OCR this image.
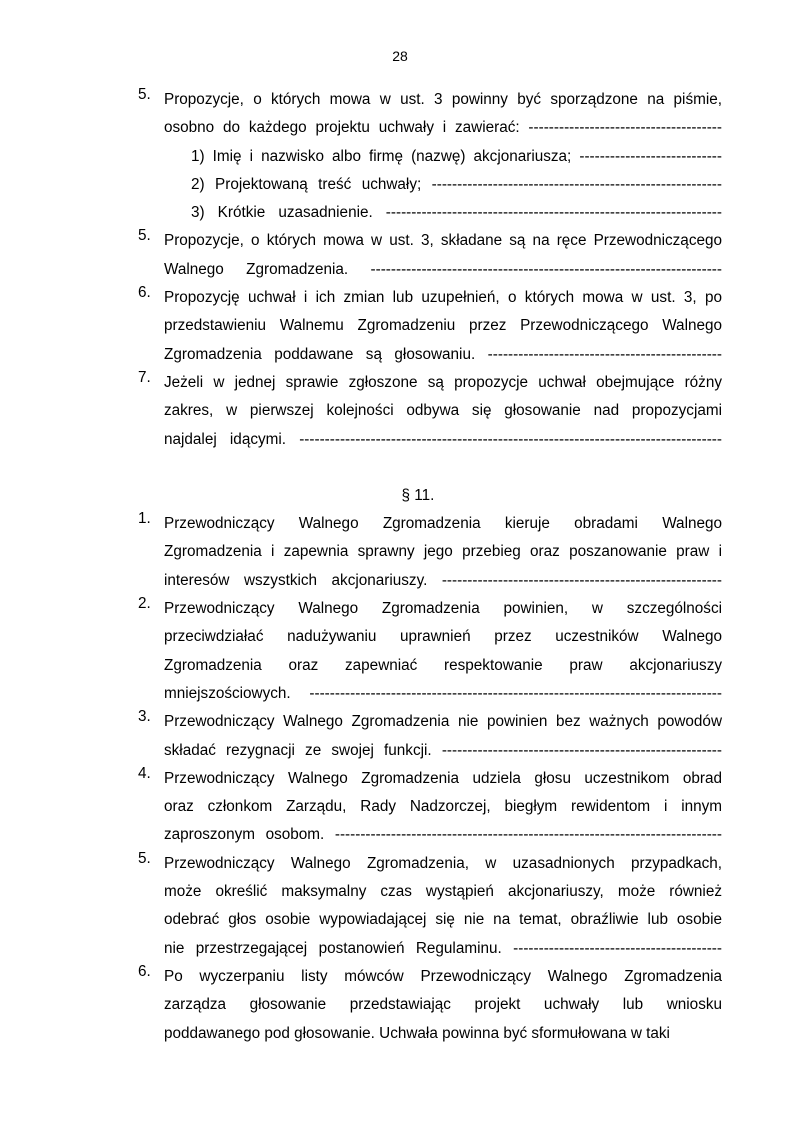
28
5. Propozycje, o których mowa w ust. 3 powinny być sporządzone na piśmie,
osobno do każdego projektu uchwały i zawierać: --------------------------------------
1) Imię i nazwisko albo firmę (nazwę) akcjonariusza; ----------------------------
2) Projektowaną treść uchwały; ---------------------------------------------------------
3) Krótkie uzasadnienie. ------------------------------------------------------------------
5. Propozycje, o których mowa w ust. 3, składane są na ręce Przewodniczącego
Walnego Zgromadzenia. ---------------------------------------------------------------------
6. Propozycję uchwał i ich zmian lub uzupełnień, o których mowa w ust. 3, po
przedstawieniu Walnemu Zgromadzeniu przez Przewodniczącego Walnego
Zgromadzenia poddawane są głosowaniu. ----------------------------------------------
7. Jeżeli w jednej sprawie zgłoszone są propozycje uchwał obejmujące różny
zakres, w pierwszej kolejności odbywa się głosowanie nad propozycjami
najdalej idącymi. -----------------------------------------------------------------------------------
§ 11.
1. Przewodniczący Walnego Zgromadzenia kieruje obradami Walnego
Zgromadzenia i zapewnia sprawny jego przebieg oraz poszanowanie praw i
interesów wszystkich akcjonariuszy. -------------------------------------------------------
2. Przewodniczący Walnego Zgromadzenia powinien, w szczególności
przeciwdziałać nadużywaniu uprawnień przez uczestników Walnego
Zgromadzenia oraz zapewniać respektowanie praw akcjonariuszy
mniejszościowych. ---------------------------------------------------------------------------------
3. Przewodniczący Walnego Zgromadzenia nie powinien bez ważnych powodów
składać rezygnacji ze swojej funkcji. -------------------------------------------------------
4. Przewodniczący Walnego Zgromadzenia udziela głosu uczestnikom obrad
oraz członkom Zarządu, Rady Nadzorczej, biegłym rewidentom i innym
zaproszonym osobom. ----------------------------------------------------------------------------
5. Przewodniczący Walnego Zgromadzenia, w uzasadnionych przypadkach,
może określić maksymalny czas wystąpień akcjonariuszy, może również
odebrać głos osobie wypowiadającej się nie na temat, obraźliwie lub osobie
nie przestrzegającej postanowień Regulaminu. -----------------------------------------
6. Po wyczerpaniu listy mówców Przewodniczący Walnego Zgromadzenia
zarządza głosowanie przedstawiając projekt uchwały lub wniosku
poddawanego pod głosowanie. Uchwała powinna być sformułowana w taki
